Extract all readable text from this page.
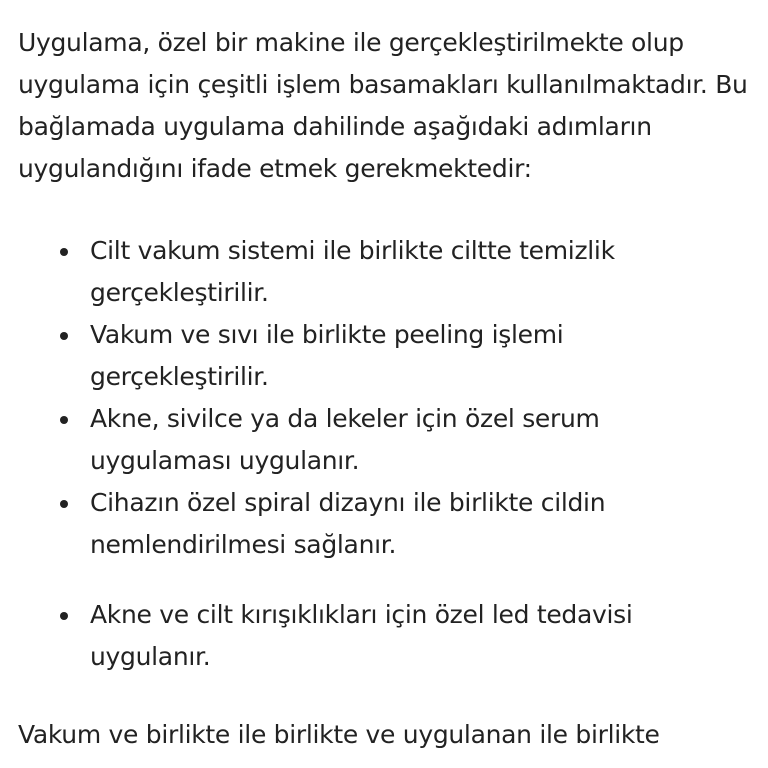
Uygulama, özel bir makine ile gerçekleştirilmekte olup uygulama için çeşitli işlem basamakları kullanılmaktadır. Bu bağlamada uygulama dahilinde aşağıdaki adımların uygulandığını ifade etmek gerekmektedir:

Cilt vakum sistemi ile birlikte ciltte temizlik gerçekleştirilir.
Vakum ve sıvı ile birlikte peeling işlemi gerçekleştirilir.
Akne, sivilce ya da lekeler için özel serum uygulaması uygulanır.
Cihazın özel spiral dizaynı ile birlikte cildin nemlendirilmesi sağlanır.
Akne ve cilt kırışıklıkları için özel led tedavisi uygulanır.

Vakum ve birlikte ile birlikte ve uygulanan ile birlikte
